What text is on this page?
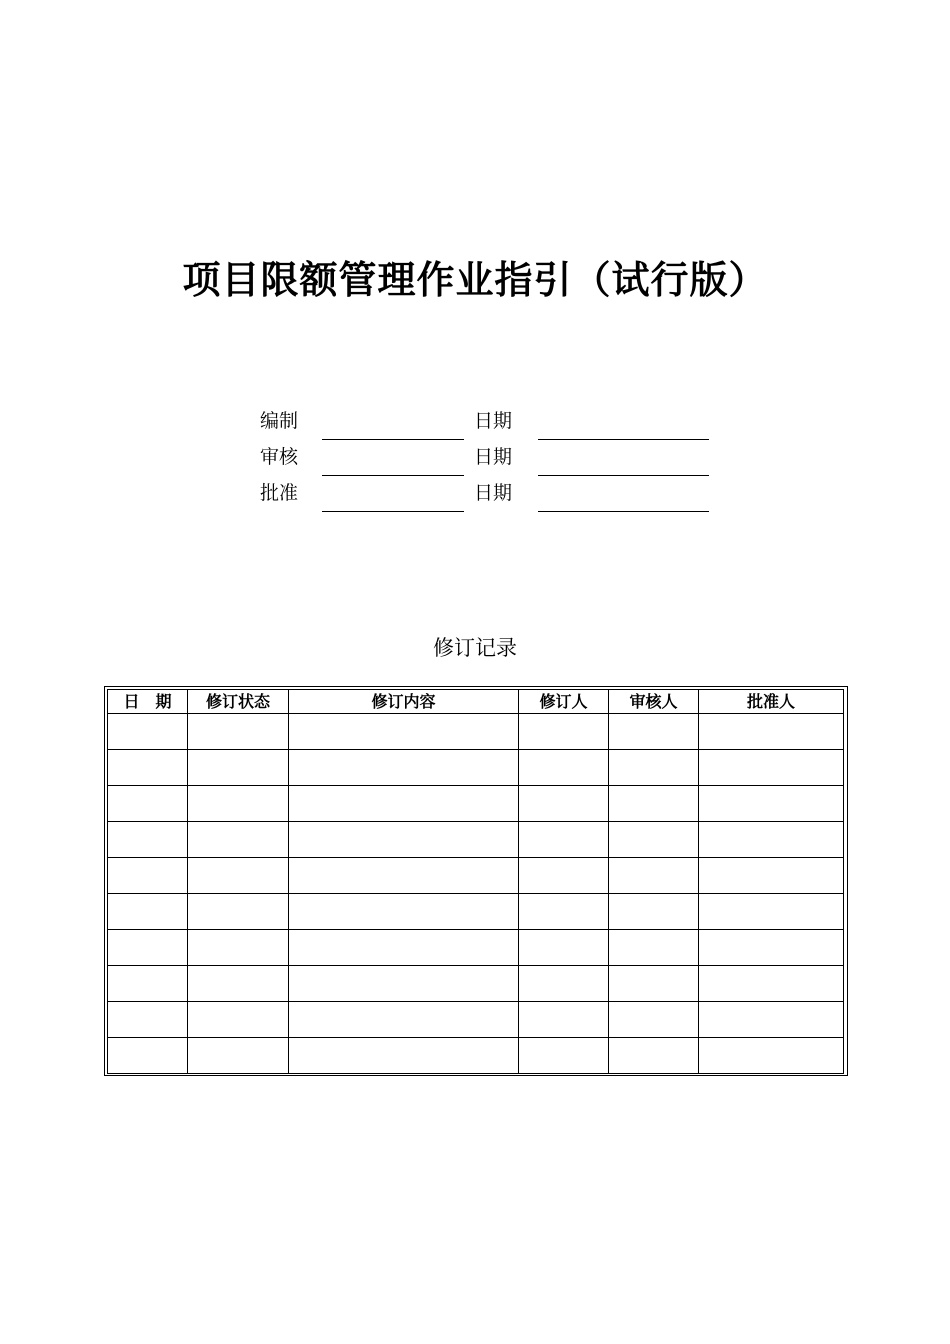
项目限额管理作业指引（试行版）
编制	日期
审核	日期
批准	日期
修订记录
日　期	修订状态	修订内容	修订人	审核人	批准人
